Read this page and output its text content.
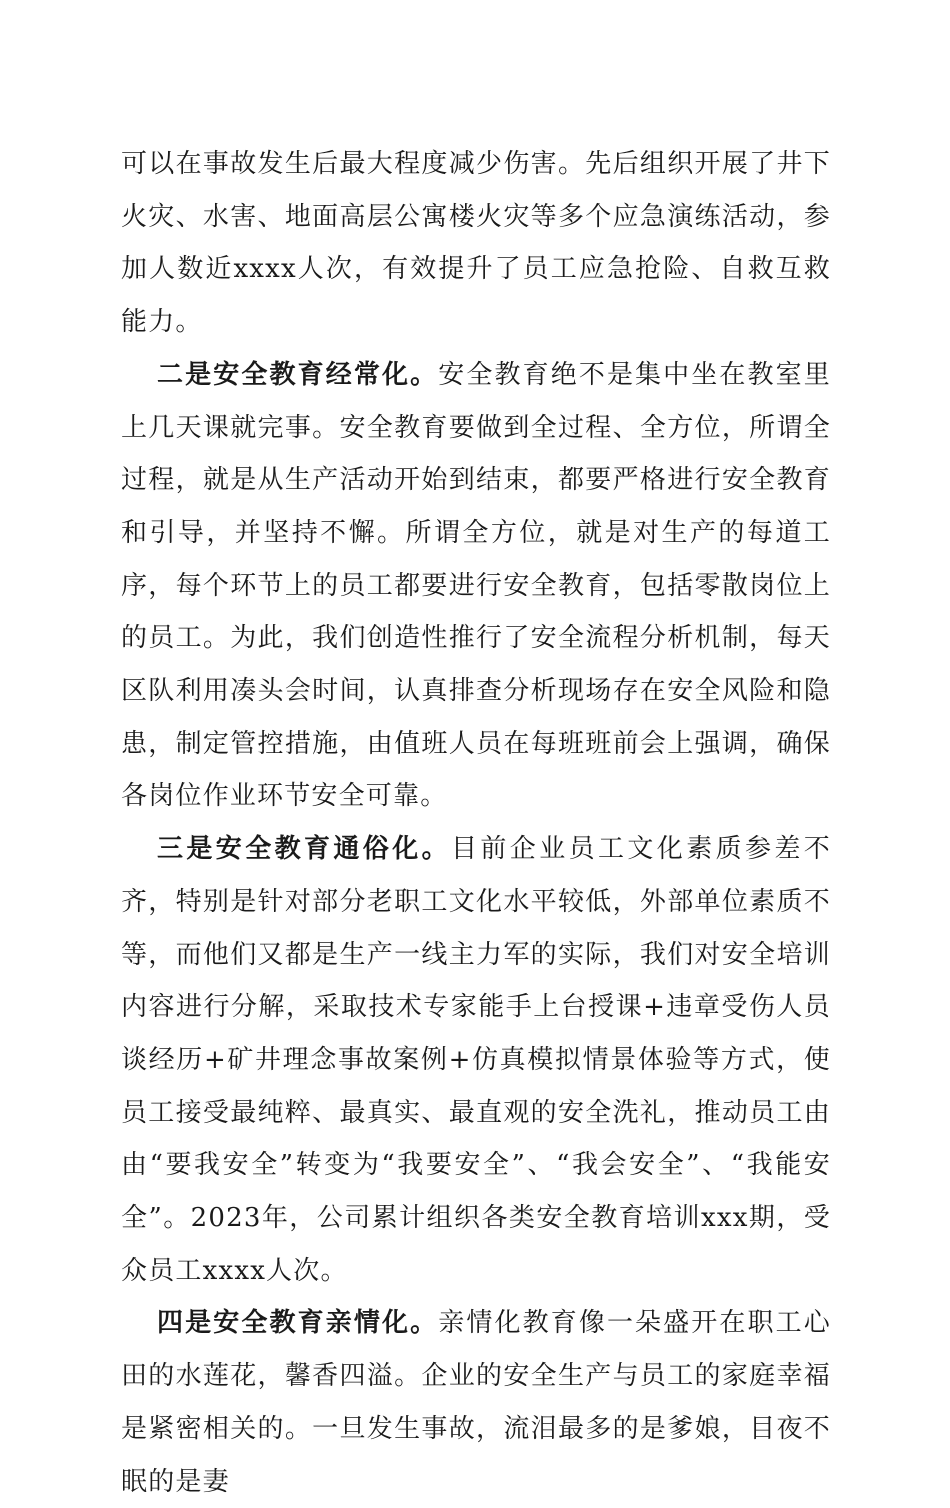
可以在事故发生后最大程度减少伤害。先后组织开展了井下火灾、水害、地面高层公寓楼火灾等多个应急演练活动，参加人数近xxxx人次，有效提升了员工应急抢险、自救互救能力。

二是安全教育经常化。安全教育绝不是集中坐在教室里上几天课就完事。安全教育要做到全过程、全方位，所谓全过程，就是从生产活动开始到结束，都要严格进行安全教育和引导，并坚持不懈。所谓全方位，就是对生产的每道工序，每个环节上的员工都要进行安全教育，包括零散岗位上的员工。为此，我们创造性推行了安全流程分析机制，每天区队利用凑头会时间，认真排查分析现场存在安全风险和隐患，制定管控措施，由值班人员在每班班前会上强调，确保各岗位作业环节安全可靠。

三是安全教育通俗化。目前企业员工文化素质参差不齐，特别是针对部分老职工文化水平较低，外部单位素质不等，而他们又都是生产一线主力军的实际，我们对安全培训内容进行分解，采取技术专家能手上台授课+违章受伤人员谈经历+矿井理念事故案例+仿真模拟情景体验等方式，使员工接受最纯粹、最真实、最直观的安全洗礼，推动员工由由“要我安全”转变为“我要安全”、“我会安全”、“我能安全”。2023年，公司累计组织各类安全教育培训xxx期，受众员工xxxx人次。

四是安全教育亲情化。亲情化教育像一朵盛开在职工心田的水莲花，馨香四溢。企业的安全生产与员工的家庭幸福是紧密相关的。一旦发生事故，流泪最多的是爹娘，目夜不眠的是妻
